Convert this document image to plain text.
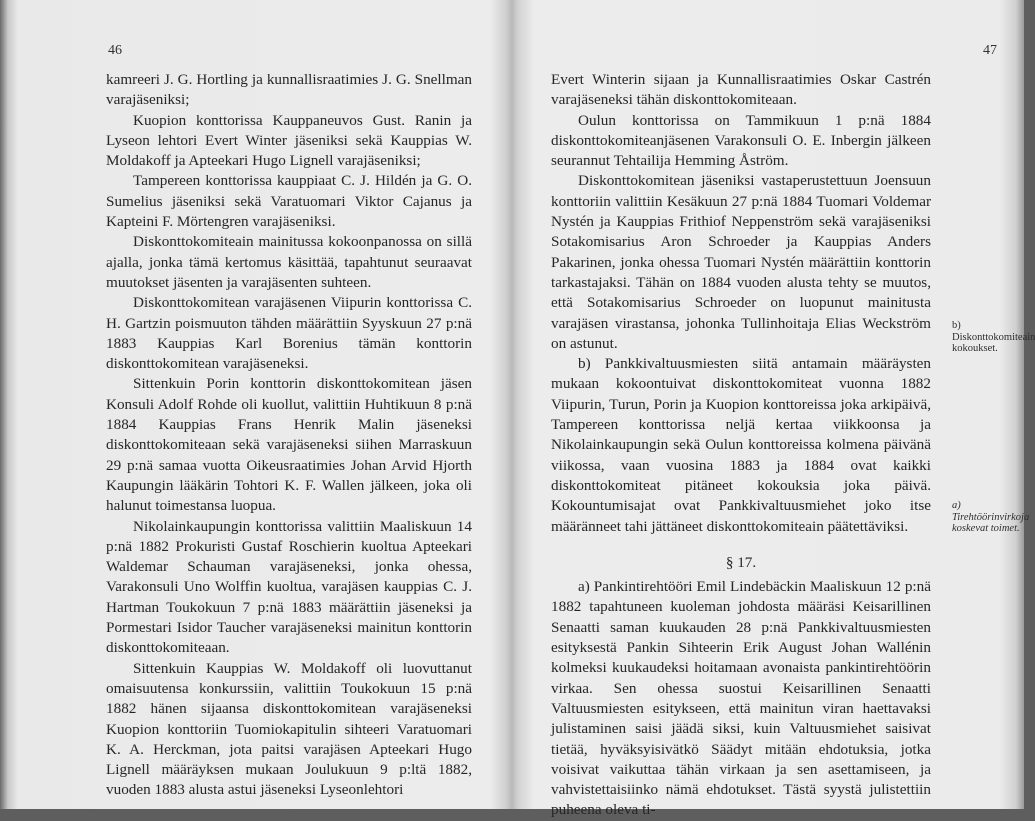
46

kamreeri J. G. Hortling ja kunnallisraatimies J. G. Snellman varajäseniksi;

Kuopion konttorissa Kauppaneuvos Gust. Ranin ja Lyseon lehtori Evert Winter jäseniksi sekä Kauppias W. Moldakoff ja Apteekari Hugo Lignell varajäseniksi;

Tampereen konttorissa kauppiaat C. J. Hildén ja G. O. Sumelius jäseniksi sekä Varatuomari Viktor Cajanus ja Kapteini F. Mörtengren varajäseniksi.

Diskonttokomiteain mainitussa kokoonpanossa on sillä ajalla, jonka tämä kertomus käsittää, tapahtunut seuraavat muutokset jäsenten ja varajäsenten suhteen.

Diskonttokomitean varajäsenen Viipurin konttorissa C. H. Gartzin poismuuton tähden määrättiin Syyskuun 27 p:nä 1883 Kauppias Karl Borenius tämän konttorin diskonttokomitean varajäseneksi.

Sittenkuin Porin konttorin diskonttokomitean jäsen Konsuli Adolf Rohde oli kuollut, valittiin Huhtikuun 8 p:nä 1884 Kauppias Frans Henrik Malin jäseneksi diskonttokomiteaan sekä varajäseneksi siihen Marraskuun 29 p:nä samaa vuotta Oikeusraatimies Johan Arvid Hjorth Kaupungin lääkärin Tohtori K. F. Wallen jälkeen, joka oli halunut toimestansa luopua.

Nikolainkaupungin konttorissa valittiin Maaliskuun 14 p:nä 1882 Prokuristi Gustaf Roschierin kuoltua Apteekari Waldemar Schauman varajäseneksi, jonka ohessa, Varakonsuli Uno Wolffin kuoltua, varajäsen kauppias C. J. Hartman Toukokuun 7 p:nä 1883 määrättiin jäseneksi ja Pormestari Isidor Taucher varajäseneksi mainitun konttorin diskonttokomiteaan.

Sittenkuin Kauppias W. Moldakoff oli luovuttanut omaisuutensa konkurssiin, valittiin Toukokuun 15 p:nä 1882 hänen sijaansa diskonttokomitean varajäseneksi Kuopion konttoriin Tuomiokapitulin sihteeri Varatuomari K. A. Herckman, jota paitsi varajäsen Apteekari Hugo Lignell määräyksen mukaan Joulukuun 9 p:ltä 1882, vuoden 1883 alusta astui jäseneksi Lyseonlehtori

47

Evert Winterin sijaan ja Kunnallisraatimies Oskar Castrén varajäseneksi tähän diskonttokomiteaan.

Oulun konttorissa on Tammikuun 1 p:nä 1884 diskonttokomiteanjäsenen Varakonsuli O. E. Inbergin jälkeen seurannut Tehtailija Hemming Åström.

Diskonttokomitean jäseniksi vastaperustettuun Joensuun konttoriin valittiin Kesäkuun 27 p:nä 1884 Tuomari Voldemar Nystén ja Kauppias Frithiof Neppenström sekä varajäseniksi Sotakomisarius Aron Schroeder ja Kauppias Anders Pakarinen, jonka ohessa Tuomari Nystén määrättiin konttorin tarkastajaksi. Tähän on 1884 vuoden alusta tehty se muutos, että Sotakomisarius Schroeder on luopunut mainitusta varajäsen virastansa, johonka Tullinhoitaja Elias Weckström on astunut.

b) Pankkivaltuusmiesten siitä antamain määräysten mukaan kokoontuivat diskonttokomiteat vuonna 1882 Viipurin, Turun, Porin ja Kuopion konttoreissa joka arkipäivä, Tampereen konttorissa neljä kertaa viikkoonsa ja Nikolainkaupungin sekä Oulun konttoreissa kolmena päivänä viikossa, vaan vuosina 1883 ja 1884 ovat kaikki diskonttokomiteat pitäneet kokouksia joka päivä. Kokountumisajat ovat Pankkivaltuusmiehet joko itse määränneet tahi jättäneet diskonttokomiteain päätettäviksi.

§ 17.

a) Pankintirehtööri Emil Lindebäckin Maaliskuun 12 p:nä 1882 tapahtuneen kuoleman johdosta määräsi Keisarillinen Senaatti saman kuukauden 28 p:nä Pankkivaltuusmiesten esityksestä Pankin Sihteerin Erik August Johan Wallénin kolmeksi kuukaudeksi hoitamaan avonaista pankintirehtöörin virkaa. Sen ohessa suostui Keisarillinen Senaatti Valtuusmiesten esitykseen, että mainitun viran haettavaksi julistaminen saisi jäädä siksi, kuin Valtuusmiehet saisivat tietää, hyväksyisivätkö Säädyt mitään ehdotuksia, jotka voisivat vaikuttaa tähän virkaan ja sen asettamiseen, ja vahvistettaisiinko nämä ehdotukset. Tästä syystä julistettiin puheena oleva ti-

b) Diskonttokomiteain kokoukset.
a) Tirehtöörinvirkoja koskevat toimet.
